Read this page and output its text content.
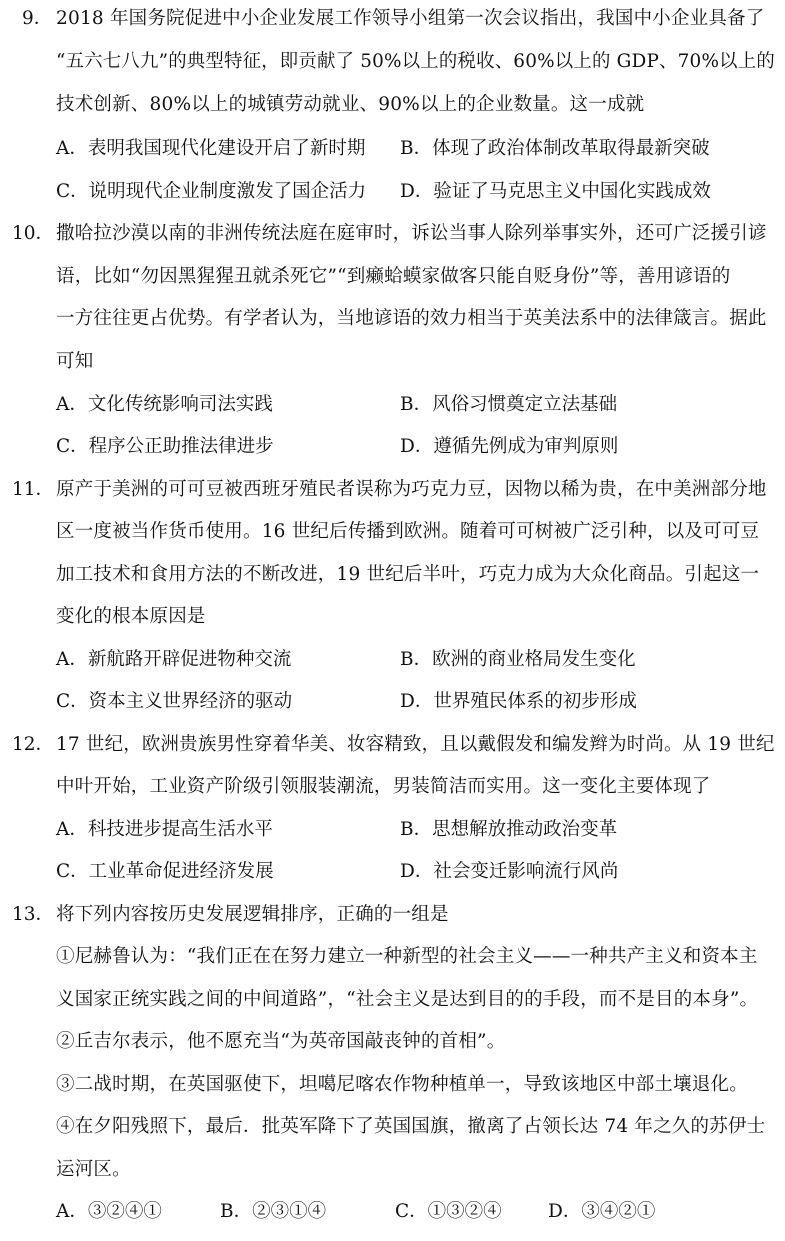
9． 2018 年国务院促进中小企业发展工作领导小组第一次会议指出，我国中小企业具备了
“五六七八九”的典型特征，即贡献了 50%以上的税收、60%以上的 GDP、70%以上的
技术创新、80%以上的城镇劳动就业、90%以上的企业数量。这一成就
A．表明我国现代化建设开启了新时期 B．体现了政治体制改革取得最新突破
C．说明现代企业制度激发了国企活力 D．验证了马克思主义中国化实践成效
10． 撒哈拉沙漠以南的非洲传统法庭在庭审时，诉讼当事人除列举事实外，还可广泛援引谚
语，比如“勿因黑猩猩丑就杀死它”“到癞蛤蟆家做客只能自贬身份”等，善用谚语的
一方往往更占优势。有学者认为，当地谚语的效力相当于英美法系中的法律箴言。据此
可知
A．文化传统影响司法实践	B．风俗习惯奠定立法基础
C．程序公正助推法律进步	D．遵循先例成为审判原则
11． 原产于美洲的可可豆被西班牙殖民者误称为巧克力豆，因物以稀为贵，在中美洲部分地
区一度被当作货币使用。16 世纪后传播到欧洲。随着可可树被广泛引种，以及可可豆
加工技术和食用方法的不断改进，19 世纪后半叶，巧克力成为大众化商品。引起这一
变化的根本原因是
A．新航路开辟促进物种交流	B．欧洲的商业格局发生变化
C．资本主义世界经济的驱动	D．世界殖民体系的初步形成
12． 17 世纪，欧洲贵族男性穿着华美、妆容精致，且以戴假发和编发辫为时尚。从 19 世纪
中叶开始，工业资产阶级引领服装潮流，男装简洁而实用。这一变化主要体现了
A．科技进步提高生活水平	B．思想解放推动政治变革
C．工业革命促进经济发展	D．社会变迁影响流行风尚
13． 将下列内容按历史发展逻辑排序，正确的一组是
①尼赫鲁认为：“我们正在在努力建立一种新型的社会主义——一种共产主义和资本主
义国家正统实践之间的中间道路”，“社会主义是达到目的的手段，而不是目的本身”。
②丘吉尔表示，他不愿充当“为英帝国敲丧钟的首相”。
③二战时期，在英国驱使下，坦噶尼喀农作物种植单一，导致该地区中部土壤退化。
④在夕阳残照下，最后．批英军降下了英国国旗，撤离了占领长达 74 年之久的苏伊士
运河区。
A．③②④①	B．②③①④	C．①③②④	D．③④②①
